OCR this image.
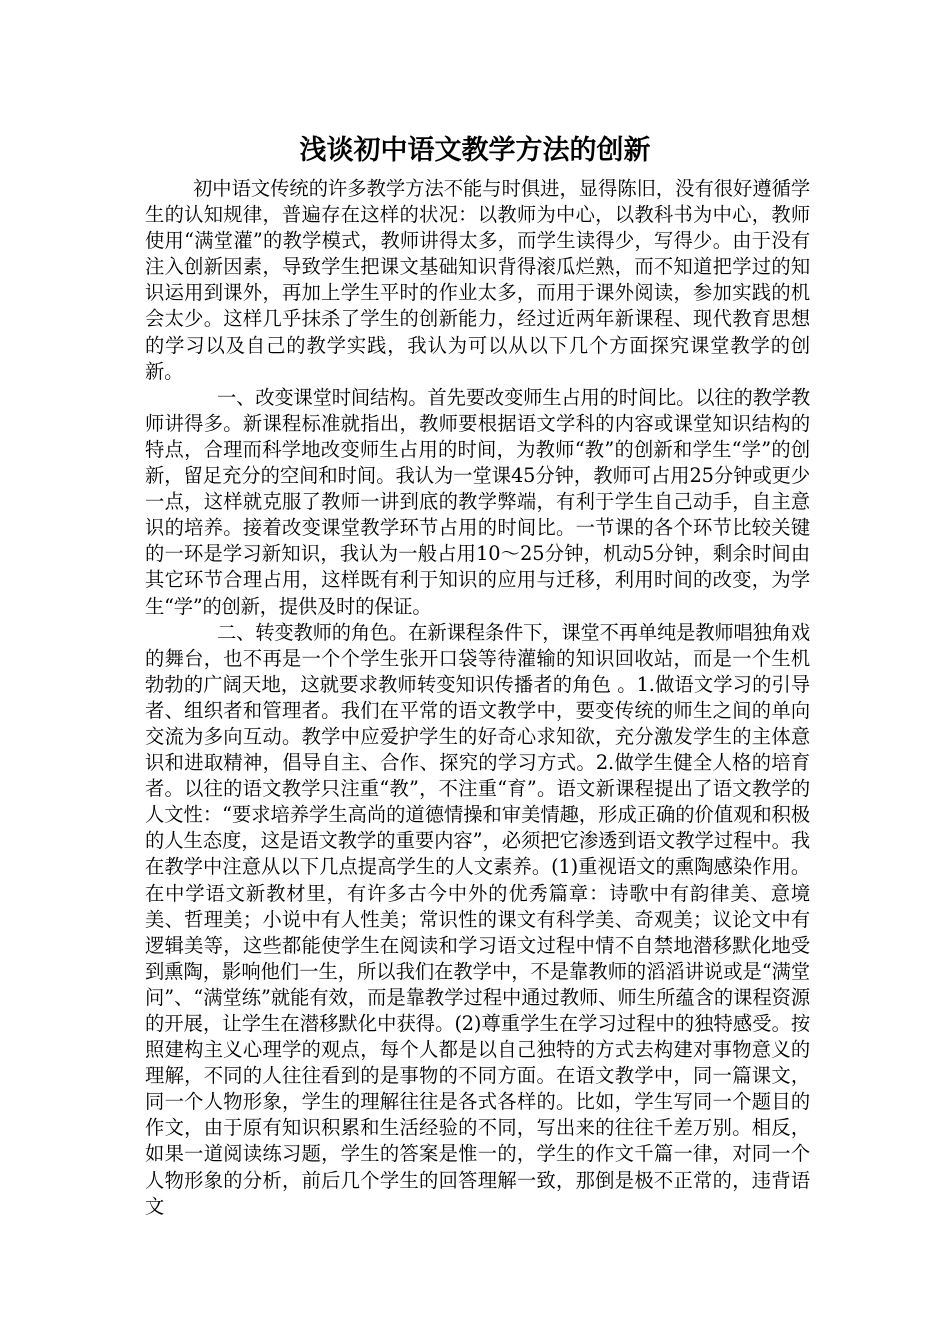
浅谈初中语文教学方法的创新

初中语文传统的许多教学方法不能与时俱进，显得陈旧，没有很好遵循学生的认知规律，普遍存在这样的状况：以教师为中心，以教科书为中心，教师使用“满堂灌”的教学模式，教师讲得太多，而学生读得少，写得少。由于没有注入创新因素，导致学生把课文基础知识背得滚瓜烂熟，而不知道把学过的知识运用到课外，再加上学生平时的作业太多，而用于课外阅读，参加实践的机会太少。这样几乎抹杀了学生的创新能力，经过近两年新课程、现代教育思想的学习以及自己的教学实践，我认为可以从以下几个方面探究课堂教学的创新。

一、改变课堂时间结构。首先要改变师生占用的时间比。以往的教学教师讲得多。新课程标准就指出，教师要根据语文学科的内容或课堂知识结构的特点，合理而科学地改变师生占用的时间，为教师“教”的创新和学生“学”的创新，留足充分的空间和时间。我认为一堂课45分钟，教师可占用25分钟或更少一点，这样就克服了教师一讲到底的教学弊端，有利于学生自己动手，自主意识的培养。接着改变课堂教学环节占用的时间比。一节课的各个环节比较关键的一环是学习新知识，我认为一般占用10～25分钟，机动5分钟，剩余时间由其它环节合理占用，这样既有利于知识的应用与迁移，利用时间的改变，为学生“学”的创新，提供及时的保证。

二、转变教师的角色。在新课程条件下，课堂不再单纯是教师唱独角戏的舞台，也不再是一个个学生张开口袋等待灌输的知识回收站，而是一个生机勃勃的广阔天地，这就要求教师转变知识传播者的角色 。1.做语文学习的引导者、组织者和管理者。我们在平常的语文教学中，要变传统的师生之间的单向交流为多向互动。教学中应爱护学生的好奇心求知欲，充分激发学生的主体意识和进取精神，倡导自主、合作、探究的学习方式。2.做学生健全人格的培育者。以往的语文教学只注重“教”，不注重“育”。语文新课程提出了语文教学的人文性：“要求培养学生高尚的道德情操和审美情趣，形成正确的价值观和积极的人生态度，这是语文教学的重要内容”，必须把它渗透到语文教学过程中。我在教学中注意从以下几点提高学生的人文素养。(1)重视语文的熏陶感染作用。在中学语文新教材里，有许多古今中外的优秀篇章：诗歌中有韵律美、意境美、哲理美；小说中有人性美；常识性的课文有科学美、奇观美；议论文中有逻辑美等，这些都能使学生在阅读和学习语文过程中情不自禁地潜移默化地受到熏陶，影响他们一生，所以我们在教学中，不是靠教师的滔滔讲说或是“满堂问”、“满堂练”就能有效，而是靠教学过程中通过教师、师生所蕴含的课程资源的开展，让学生在潜移默化中获得。(2)尊重学生在学习过程中的独特感受。按照建构主义心理学的观点，每个人都是以自己独特的方式去构建对事物意义的理解，不同的人往往看到的是事物的不同方面。在语文教学中，同一篇课文，同一个人物形象，学生的理解往往是各式各样的。比如，学生写同一个题目的作文，由于原有知识积累和生活经验的不同，写出来的往往千差万别。相反，如果一道阅读练习题，学生的答案是惟一的，学生的作文千篇一律，对同一个人物形象的分析，前后几个学生的回答理解一致，那倒是极不正常的，违背语文
